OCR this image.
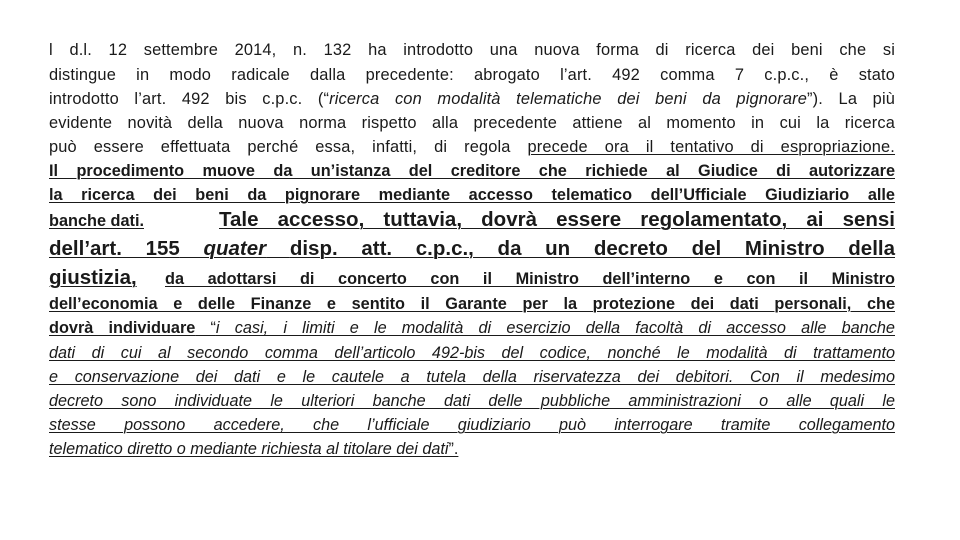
l d.l. 12 settembre 2014, n. 132 ha introdotto una nuova forma di ricerca dei beni che si
distingue in modo radicale dalla precedente: abrogato l’art. 492 comma 7 c.p.c., è stato
introdotto l’art. 492 bis c.p.c. (“ricerca con modalità telematiche dei beni da pignorare”). La più
evidente novità della nuova norma rispetto alla precedente attiene al momento in cui la ricerca
può essere effettuata perché essa, infatti, di regola precede ora il tentativo di espropriazione.
Il procedimento muove da un’istanza del creditore che richiede al Giudice di autorizzare
la ricerca dei beni da pignorare mediante accesso telematico dell’Ufficiale Giudiziario alle
banche dati.	Tale accesso, tuttavia, dovrà essere regolamentato, ai sensi
dell’art. 155 quater disp. att. c.p.c., da un decreto del Ministro della
giustizia,	da adottarsi di concerto con il Ministro dell’interno e con il Ministro
dell’economia e delle Finanze e sentito il Garante per la protezione dei dati personali, che
dovrà individuare “i casi, i limiti e le modalità di esercizio della facoltà di accesso alle banche
dati di cui al secondo comma dell’articolo 492-bis del codice, nonché le modalità di trattamento
e conservazione dei dati e le cautele a tutela della riservatezza dei debitori. Con il medesimo
decreto sono individuate le ulteriori banche dati delle pubbliche amministrazioni o alle quali le
stesse possono accedere, che l’ufficiale giudiziario può interrogare tramite collegamento
telematico diretto o mediante richiesta al titolare dei dati”.
